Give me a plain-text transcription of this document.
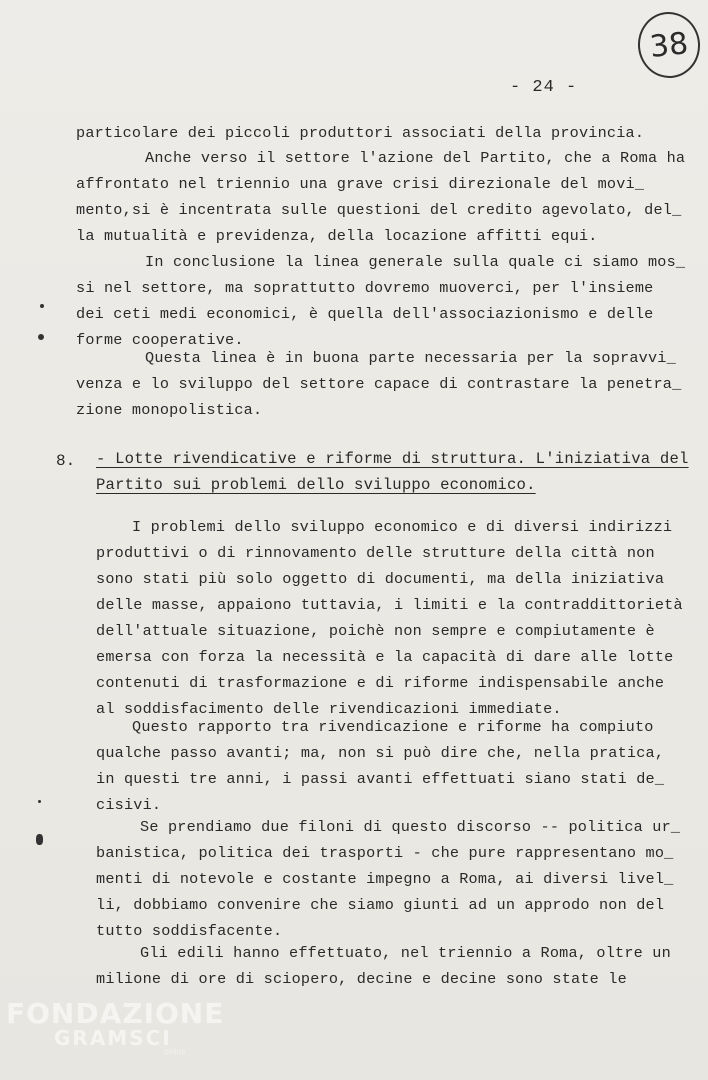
38
- 24 -
particolare dei piccoli produttori associati della provincia.
Anche verso il settore l'azione del Partito, che a Roma ha
affrontato nel triennio una grave crisi direzionale del movi_
mento,si è incentrata sulle questioni del credito agevolato, del_
la mutualità e previdenza, della locazione affitti equi.
In conclusione la linea generale sulla quale ci siamo mos_
si nel settore, ma soprattutto dovremo muoverci, per l'insieme
dei ceti medi economici, è quella dell'associazionismo e delle
forme cooperative.
Questa linea è in buona parte necessaria per la sopravvi_
venza e lo sviluppo del settore capace di contrastare la penetra_
zione monopolistica.
8. - Lotte rivendicative e riforme di struttura. L'iniziativa del
Partito sui problemi dello sviluppo economico.
I problemi dello sviluppo economico e di diversi indirizzi
produttivi o di rinnovamento delle strutture della città non
sono stati più solo oggetto di documenti, ma della iniziativa
delle masse, appaiono tuttavia, i limiti e la contraddittorietà
dell'attuale situazione, poichè non sempre e compiutamente è
emersa con forza la necessità e la capacità di dare alle lotte
contenuti di trasformazione e di riforme indispensabile anche
al soddisfacimento delle rivendicazioni immediate.
Questo rapporto tra rivendicazione e riforme ha compiuto
qualche passo avanti; ma, non si può dire che, nella pratica,
in questi tre anni, i passi avanti effettuati siano stati de_
cisivi.
Se prendiamo due filoni di questo discorso -- politica ur_
banistica, politica dei trasporti - che pure rappresentano mo_
menti di notevole e costante impegno a Roma, ai diversi livel_
li, dobbiamo convenire che siamo giunti ad un approdo non del
tutto soddisfacente.
Gli edili hanno effettuato, nel triennio a Roma, oltre un
milione di ore di sciopero, decine e decine sono state le
FONDAZIONE
GRAMSCI
onlus
